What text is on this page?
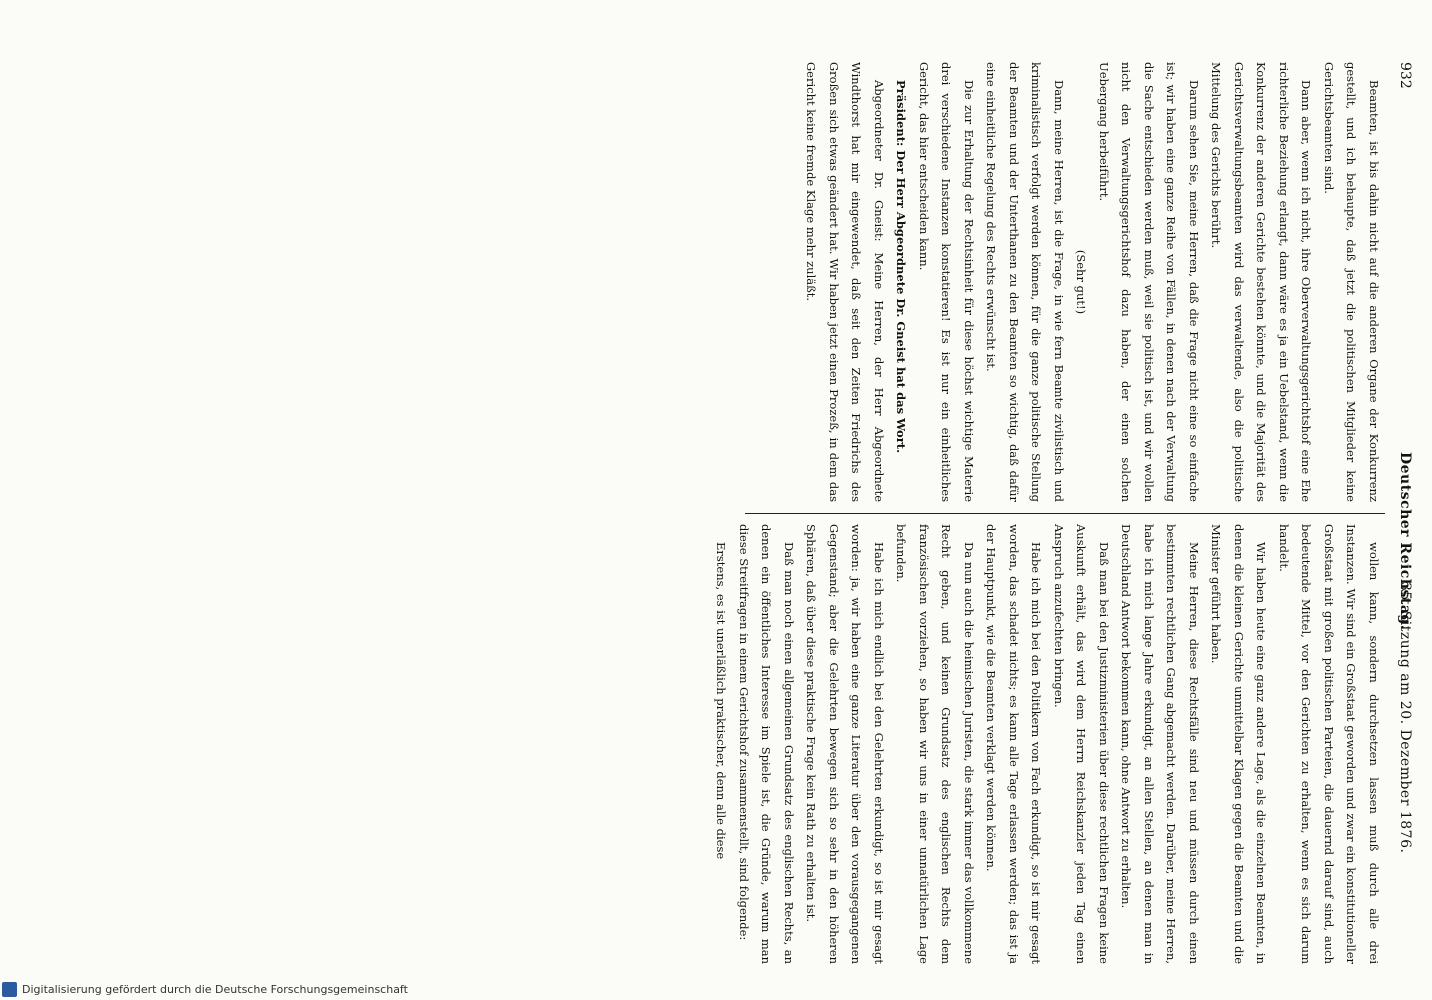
932
Deutscher Reichstag.
35. Sitzung am 20. Dezember 1876.

Beamten, ist bis dahin nicht auf die anderen Organe der Konkurrenz gestellt, und ich behaupte, daß jetzt die politischen Mitglieder keine Gerichtsbeamten sind.

Dann aber, wenn ich nicht, ihre Oberverwaltungsgerichtshof eine Ehe richterliche Beziehung erlangt, dann wäre es ja ein Uebelstand, wenn die Konkurrenz der anderen Gerichte bestehen könnte, und die Majorität des Gerichtsverwaltungsbeamten wird das verwaltende, also die politische Mittelung des Gerichts berührt.

Darum sehen Sie, meine Herren, daß die Frage nicht eine so einfache ist; wir haben eine ganze Reihe von Fällen, in denen nach der Verwaltung die Sache entschieden werden muß, weil sie politisch ist, und wir wollen nicht den Verwaltungsgerichtshof dazu haben, der einen solchen Uebergang herbeiführt.

(Sehr gut!)

Dann, meine Herren, ist die Frage, in wie fern Beamte zivilistisch und kriminalistisch verfolgt werden können, für die ganze politische Stellung der Beamten und der Unterthanen zu den Beamten so wichtig, daß dafür eine einheitliche Regelung des Rechts erwünscht ist.

Die zur Erhaltung der Rechtsinheit für diese höchst wichtige Materie drei verschiedene Instanzen konstatieren! Es ist nur ein einheitliches Gericht, das hier entscheiden kann.

Präsident: Der Herr Abgeordnete Dr. Gneist hat das Wort.

Abgeordneter Dr. Gneist: Meine Herren, der Herr Abgeordnete Windthorst hat mir eingewendet, daß seit den Zeiten Friedrichs des Großen sich etwas geändert hat. Wir haben jetzt einen Prozeß, in dem das Gericht keine fremde Klage mehr zuläßt.

wollen kann, sondern durchsetzen lassen muß durch alle drei Instanzen. Wir sind ein Großstaat geworden und zwar ein konstitutioneller Großstaat mit großen politischen Parteien, die dauernd darauf sind, auch bedeutende Mittel, vor den Gerichten zu erhalten, wenn es sich darum handelt.

Wir haben heute eine ganz andere Lage, als die einzelnen Beamten, in denen die kleinen Gerichte unmittelbar Klagen gegen die Beamten und die Minister geführt haben.

Meine Herren, diese Rechtsfälle sind neu und müssen durch einen bestimmten rechtlichen Gang abgemacht werden. Darüber, meine Herren, habe ich mich lange Jahre erkundigt, an allen Stellen, an denen man in Deutschland Antwort bekommen kann, ohne Antwort zu erhalten.

Daß man bei den Justizministerien über diese rechtlichen Fragen keine Auskunft erhält, das wird dem Herrn Reichskanzler jeden Tag einen Anspruch anzufechten bringen.

Habe ich mich bei den Politikern von Fach erkundigt, so ist mir gesagt worden, das schadet nichts; es kann alle Tage erlassen werden; das ist ja der Hauptpunkt, wie die Beamten verklagt werden können.

Da nun auch die heimischen Juristen, die stark immer das vollkommene Recht geben, und keinen Grundsatz des englischen Rechts dem französischen vorziehen, so haben wir uns in einer unnatürlichen Lage befunden.

Habe ich mich endlich bei den Gelehrten erkundigt, so ist mir gesagt worden: ja, wir haben eine ganze Literatur über den vorausgegangenen Gegenstand; aber die Gelehrten bewegen sich so sehr in den höheren Sphären, daß über diese praktische Frage kein Rath zu erhalten ist.

Daß man noch einen allgemeinen Grundsatz des englischen Rechts, an denen ein öffentliches Interesse im Spiele ist, die Gründe, warum man diese Streitfragen in einem Gerichtshof zusammenstellt, sind folgende:

Erstens, es ist unerläßlich praktischer, denn alle diese

Digitalisierung gefördert durch die Deutsche Forschungsgemeinschaft
